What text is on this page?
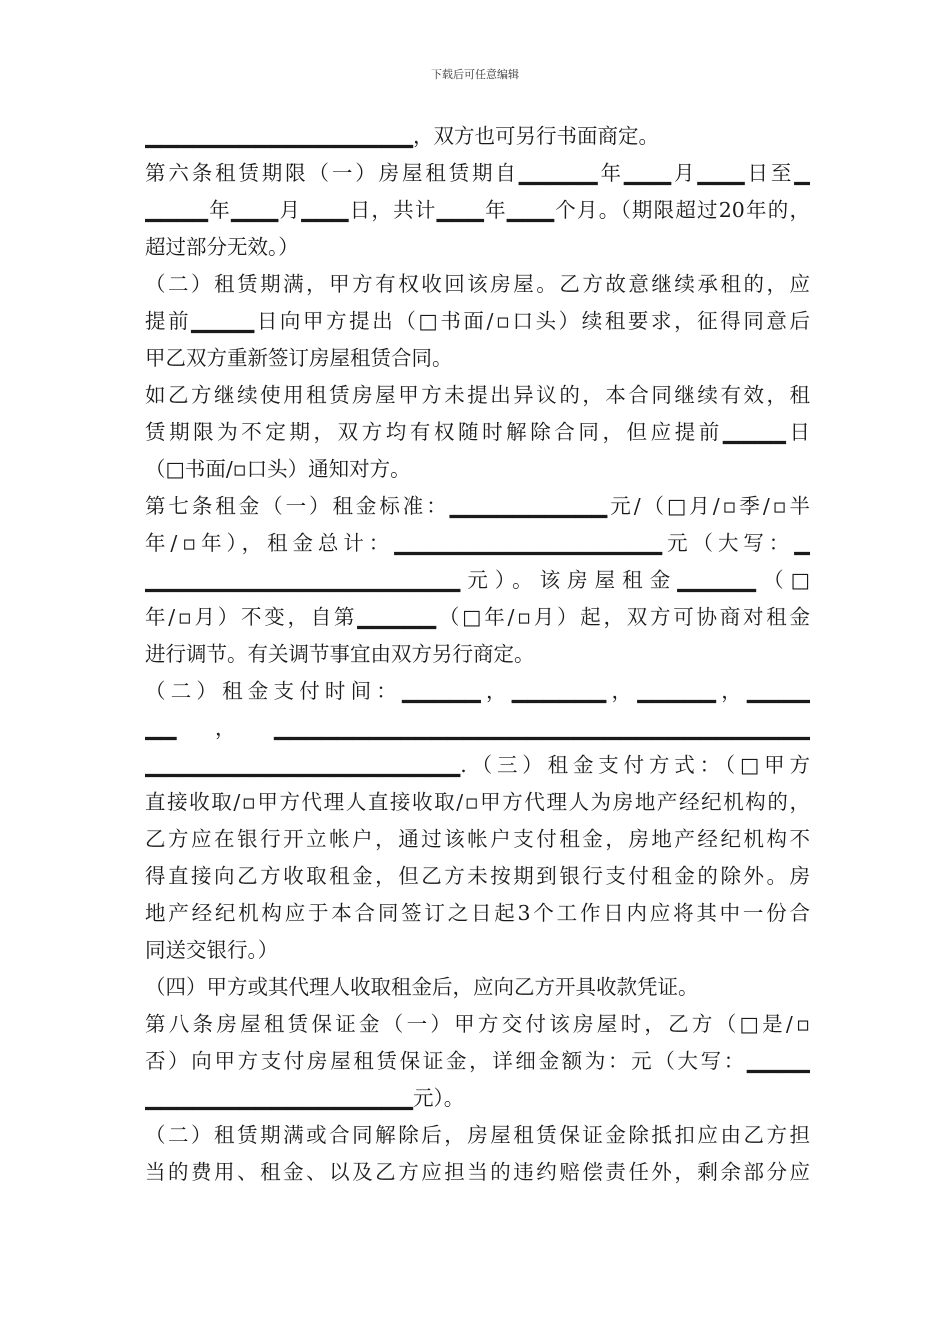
下载后可任意编辑
▁▁▁▁▁▁▁▁▁▁▁▁▁▁▁▁▁，双方也可另行书面商定。
第六条租赁期限（一）房屋租赁期自▁▁▁▁▁年▁▁▁月▁▁▁日至▁
▁▁▁▁年▁▁▁月▁▁▁日，共计▁▁▁年▁▁▁个月。（期限超过20年的，
超过部分无效。）
（二）租赁期满，甲方有权收回该房屋。乙方故意继续承租的，应
提前▁▁▁▁日向甲方提出（□书面/▫口头）续租要求，征得同意后
甲乙双方重新签订房屋租赁合同。
如乙方继续使用租赁房屋甲方未提出异议的，本合同继续有效，租
赁期限为不定期，双方均有权随时解除合同，但应提前▁▁▁▁日
（□书面/▫口头）通知对方。
第七条租金（一）租金标准：▁▁▁▁▁▁▁▁▁▁元/（□月/▫季/▫半
年/▫年），租金总计：▁▁▁▁▁▁▁▁▁▁▁▁▁▁▁▁▁元（大写：▁
▁▁▁▁▁▁▁▁▁▁▁▁▁▁▁▁▁▁▁▁元）。该房屋租金▁▁▁▁▁（□
年/▫月）不变，自第▁▁▁▁▁（□年/▫月）起，双方可协商对租金
进行调节。有关调节事宜由双方另行商定。
（二）租金支付时间：▁▁▁▁▁，▁▁▁▁▁▁，▁▁▁▁▁，▁▁▁▁
▁▁，▁▁▁▁▁▁▁▁▁▁▁▁▁▁▁▁▁▁▁▁▁▁▁▁▁▁▁▁▁▁▁▁▁▁
▁▁▁▁▁▁▁▁▁▁▁▁▁▁▁▁▁▁▁▁.（三）租金支付方式：（□甲方
直接收取/▫甲方代理人直接收取/▫甲方代理人为房地产经纪机构的，
乙方应在银行开立帐户，通过该帐户支付租金，房地产经纪机构不
得直接向乙方收取租金，但乙方未按期到银行支付租金的除外。房
地产经纪机构应于本合同签订之日起3个工作日内应将其中一份合
同送交银行。）
（四）甲方或其代理人收取租金后，应向乙方开具收款凭证。
第八条房屋租赁保证金（一）甲方交付该房屋时，乙方（□是/▫
否）向甲方支付房屋租赁保证金，详细金额为：元（大写：▁▁▁▁
▁▁▁▁▁▁▁▁▁▁▁▁▁▁▁▁▁元）。
（二）租赁期满或合同解除后，房屋租赁保证金除抵扣应由乙方担
当的费用、租金、以及乙方应担当的违约赔偿责任外，剩余部分应
